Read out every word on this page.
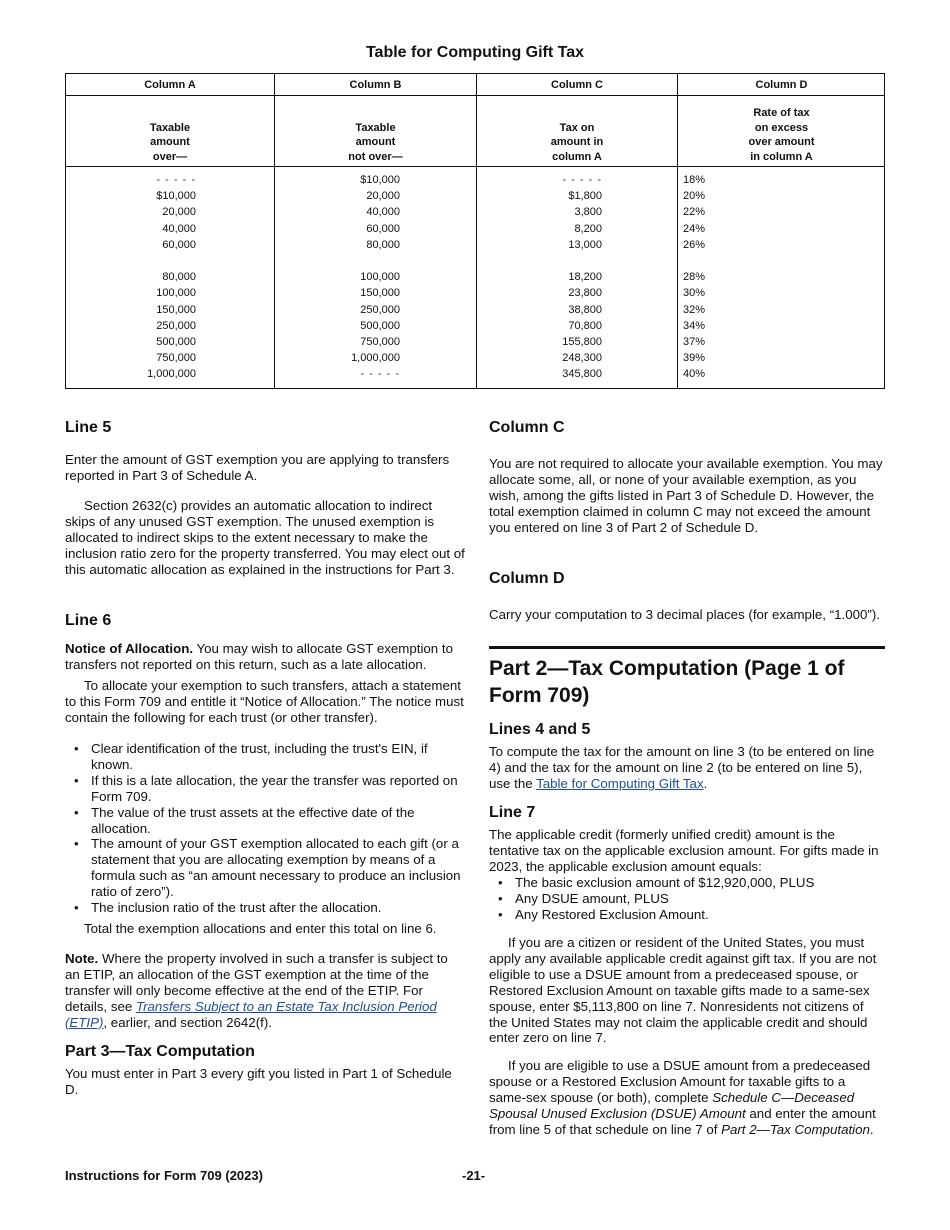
Table for Computing Gift Tax
Column A
Taxable
amount
over—
- - - - -
$10,000
20,000
40,000
60,000
80,000
100,000
150,000
250,000
500,000
750,000
1,000,000
Column B
Taxable
amount
not over—
$10,000
20,000
40,000
60,000
80,000
100,000
150,000
250,000
500,000
750,000
1,000,000
- - - - -
Column C
Tax on
amount in
column A
- - - - -
$1,800
3,800
8,200
13,000
18,200
23,800
38,800
70,800
155,800
248,300
345,800
Column D
Rate of tax
on excess
over amount
in column A
18%
20%
22%
24%
26%
28%
30%
32%
34%
37%
39%
40%
Line 5
Enter the amount of GST exemption you are applying to transfers reported in Part 3 of Schedule A.
Section 2632(c) provides an automatic allocation to indirect skips of any unused GST exemption. The unused exemption is allocated to indirect skips to the extent necessary to make the inclusion ratio zero for the property transferred. You may elect out of this automatic allocation as explained in the instructions for Part 3.
Line 6
Notice of Allocation. You may wish to allocate GST exemption to transfers not reported on this return, such as a late allocation.
To allocate your exemption to such transfers, attach a statement to this Form 709 and entitle it “Notice of Allocation.” The notice must contain the following for each trust (or other transfer).
• Clear identification of the trust, including the trust's EIN, if known.
• If this is a late allocation, the year the transfer was reported on Form 709.
• The value of the trust assets at the effective date of the allocation.
• The amount of your GST exemption allocated to each gift (or a statement that you are allocating exemption by means of a formula such as “an amount necessary to produce an inclusion ratio of zero”).
• The inclusion ratio of the trust after the allocation.
Total the exemption allocations and enter this total on line 6.
Note. Where the property involved in such a transfer is subject to an ETIP, an allocation of the GST exemption at the time of the transfer will only become effective at the end of the ETIP. For details, see Transfers Subject to an Estate Tax Inclusion Period (ETIP), earlier, and section 2642(f).
Part 3—Tax Computation
You must enter in Part 3 every gift you listed in Part 1 of Schedule D.
Column C
You are not required to allocate your available exemption. You may allocate some, all, or none of your available exemption, as you wish, among the gifts listed in Part 3 of Schedule D. However, the total exemption claimed in column C may not exceed the amount you entered on line 3 of Part 2 of Schedule D.
Column D
Carry your computation to 3 decimal places (for example, “1.000”).
Part 2—Tax Computation (Page 1 of Form 709)
Lines 4 and 5
To compute the tax for the amount on line 3 (to be entered on line 4) and the tax for the amount on line 2 (to be entered on line 5), use the Table for Computing Gift Tax.
Line 7
The applicable credit (formerly unified credit) amount is the tentative tax on the applicable exclusion amount. For gifts made in 2023, the applicable exclusion amount equals:
• The basic exclusion amount of $12,920,000, PLUS
• Any DSUE amount, PLUS
• Any Restored Exclusion Amount.
If you are a citizen or resident of the United States, you must apply any available applicable credit against gift tax. If you are not eligible to use a DSUE amount from a predeceased spouse, or Restored Exclusion Amount on taxable gifts made to a same-sex spouse, enter $5,113,800 on line 7. Nonresidents not citizens of the United States may not claim the applicable credit and should enter zero on line 7.
If you are eligible to use a DSUE amount from a predeceased spouse or a Restored Exclusion Amount for taxable gifts to a same-sex spouse (or both), complete Schedule C—Deceased Spousal Unused Exclusion (DSUE) Amount and enter the amount from line 5 of that schedule on line 7 of Part 2—Tax Computation.
Instructions for Form 709 (2023)	-21-
